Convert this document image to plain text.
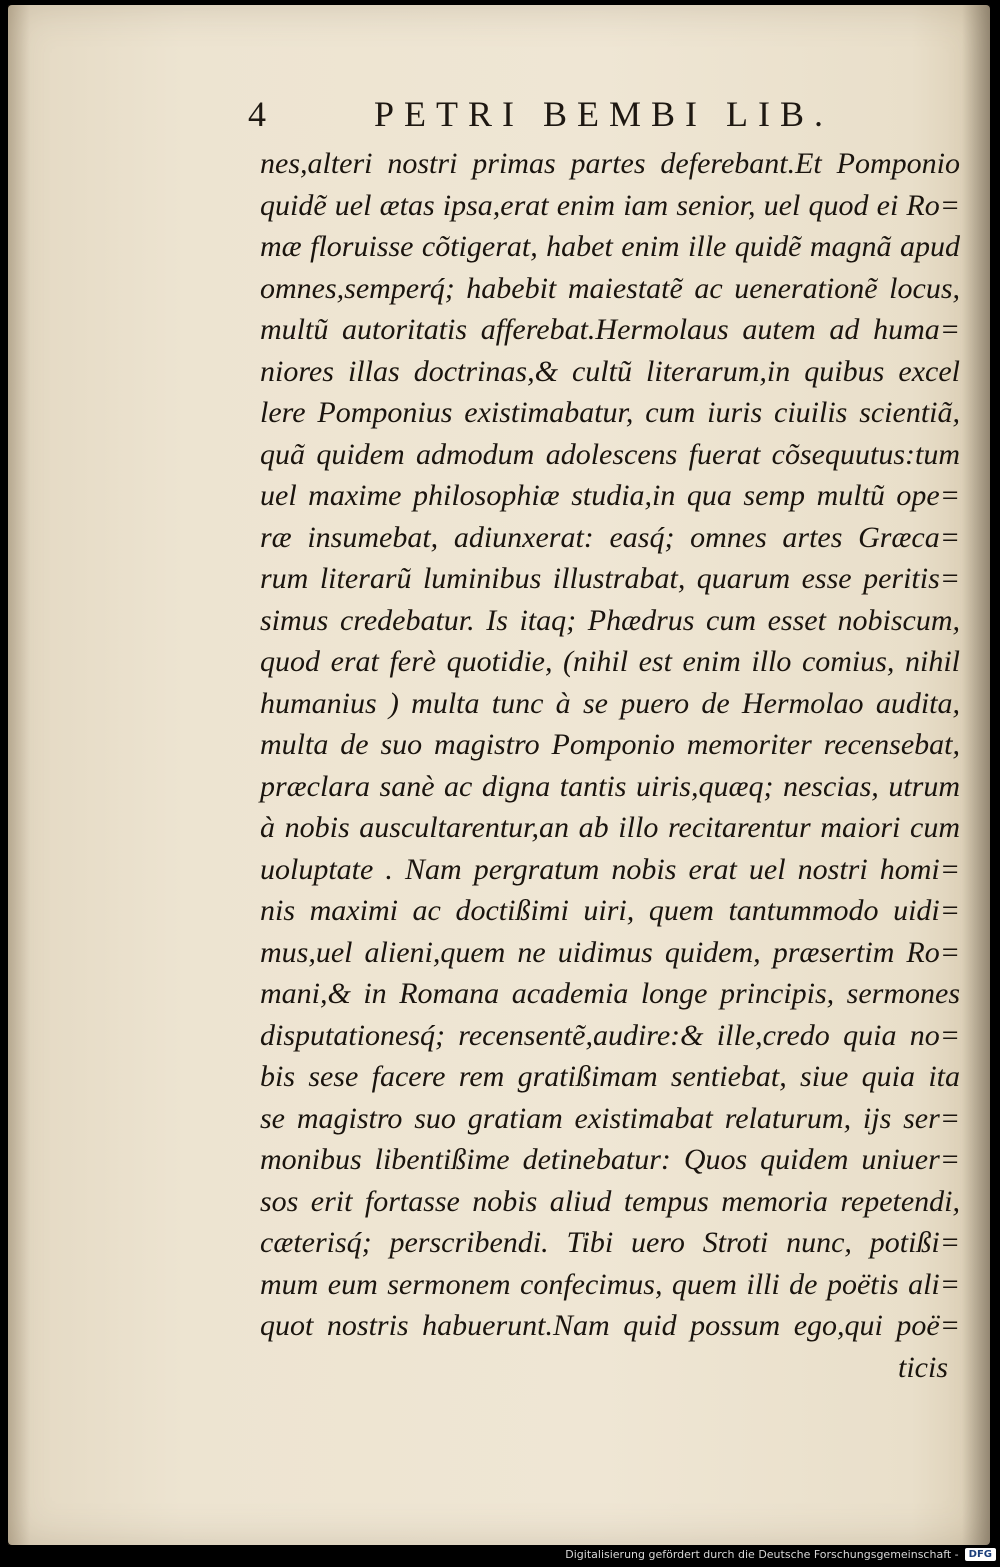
4	PETRI BEMBI LIB.
nes,alteri nostri primas partes deferebant.Et Pomponio
quidẽ uel ætas ipsa,erat enim iam senior, uel quod ei Ro=
mæ floruisse cõtigerat, habet enim ille quidẽ magnã apud
omnes,semperq́; habebit maiestatẽ ac uenerationẽ locus,
multũ autoritatis afferebat.Hermolaus autem ad huma=
niores illas doctrinas,& cultũ literarum,in quibus excel
lere Pomponius existimabatur, cum iuris ciuilis scientiã,
quã quidem admodum adolescens fuerat cõsequutus:tum
uel maxime philosophiæ studia,in qua semp multũ ope=
ræ insumebat, adiunxerat: easq́; omnes artes Græca=
rum literarũ luminibus illustrabat, quarum esse peritis=
simus credebatur. Is itaq; Phædrus cum esset nobiscum,
quod erat ferè quotidie, (nihil est enim illo comius, nihil
humanius ) multa tunc à se puero de Hermolao audita,
multa de suo magistro Pomponio memoriter recensebat,
præclara sanè ac digna tantis uiris,quæq; nescias, utrum
à nobis auscultarentur,an ab illo recitarentur maiori cum
uoluptate . Nam pergratum nobis erat uel nostri homi=
nis maximi ac doctißimi uiri, quem tantummodo uidi=
mus,uel alieni,quem ne uidimus quidem, præsertim Ro=
mani,& in Romana academia longe principis, sermones
disputationesq́; recensentẽ,audire:& ille,credo quia no=
bis sese facere rem gratißimam sentiebat, siue quia ita
se magistro suo gratiam existimabat relaturum, ijs ser=
monibus libentißime detinebatur: Quos quidem uniuer=
sos erit fortasse nobis aliud tempus memoria repetendi,
cæterisq́; perscribendi. Tibi uero Stroti nunc, potißi=
mum eum sermonem confecimus, quem illi de poëtis ali=
quot nostris habuerunt.Nam quid possum ego,qui poë=
ticis
Digitalisierung gefördert durch die Deutsche Forschungsgemeinschaft -	DFG
